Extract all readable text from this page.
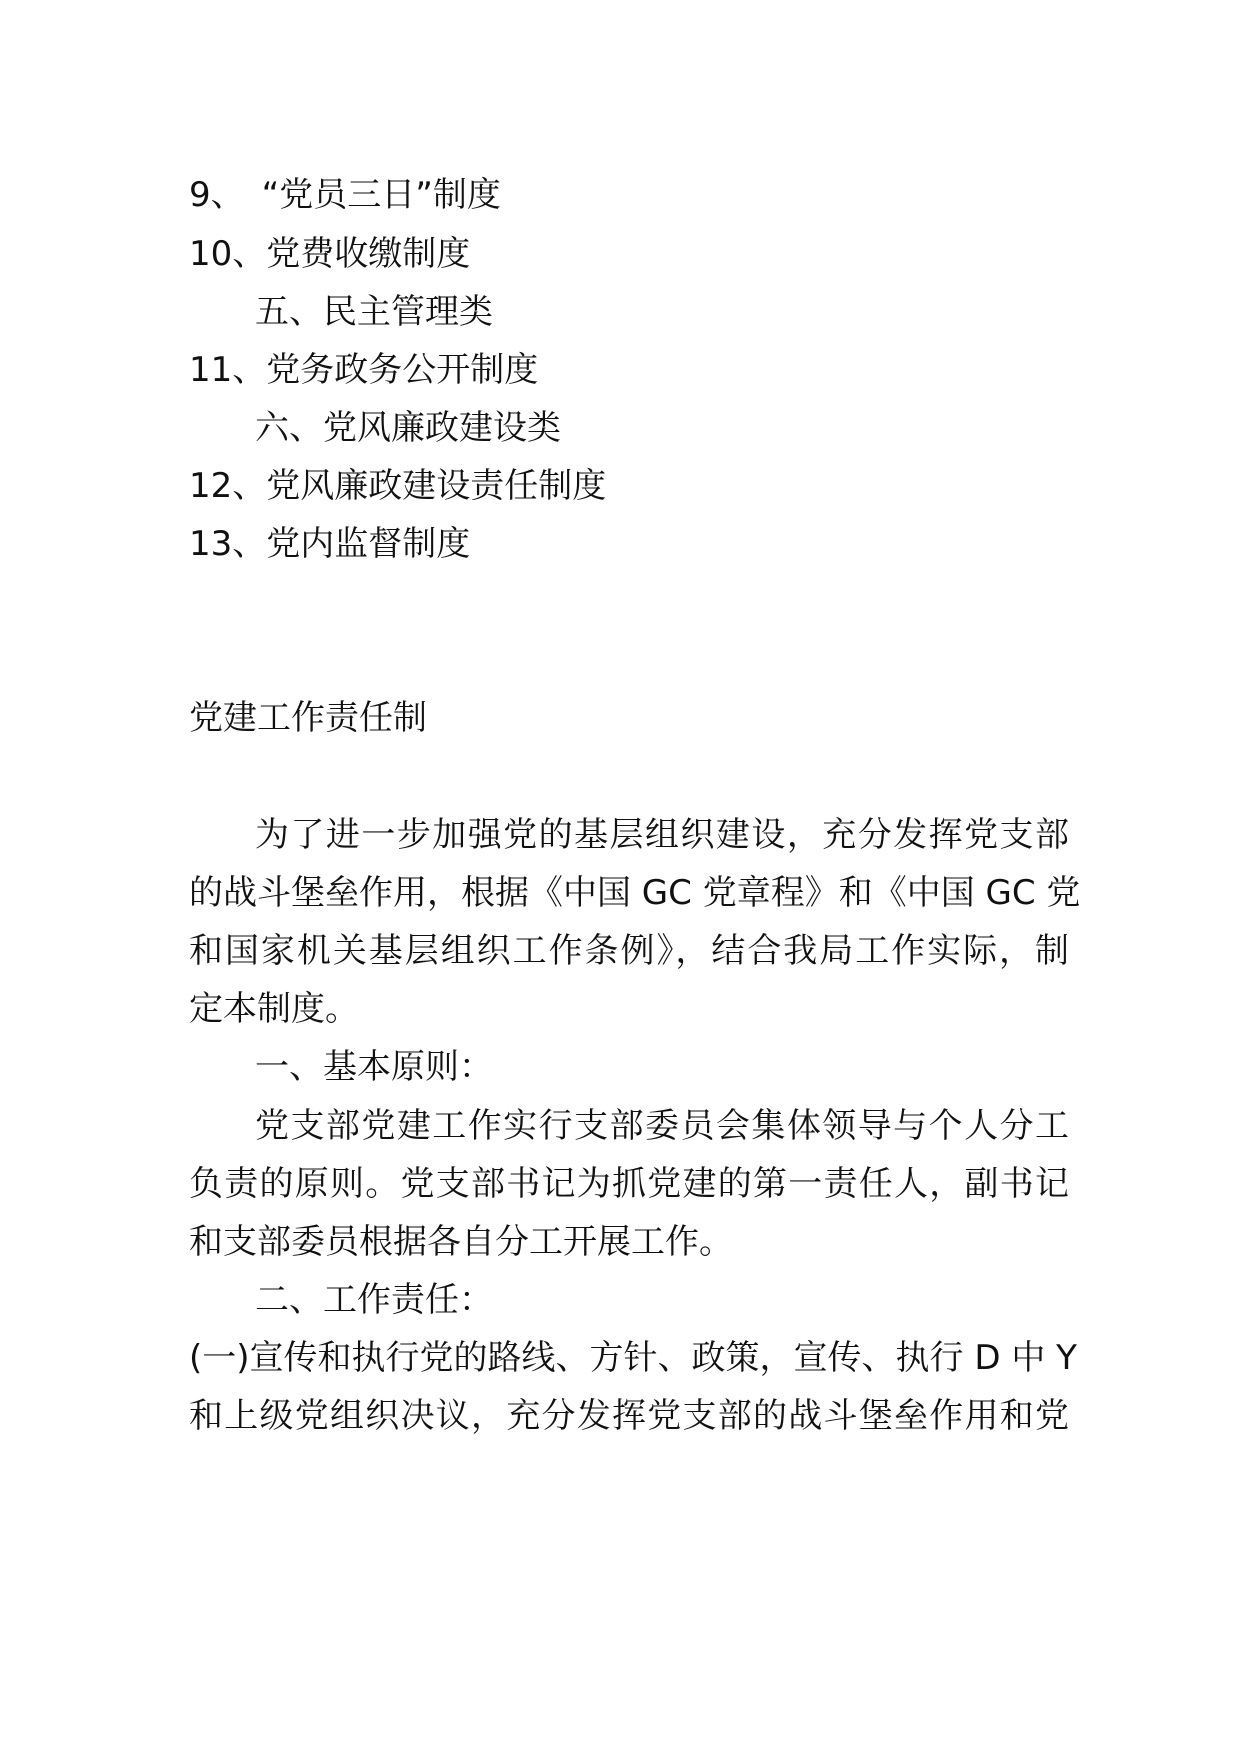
9、　“党员三日”制度
10、党费收缴制度
五、民主管理类
11、党务政务公开制度
六、党风廉政建设类
12、党风廉政建设责任制度
13、党内监督制度
党建工作责任制
为了进一步加强党的基层组织建设，充分发挥党支部
的战斗堡垒作用，根据《中国 GC 党章程》和《中国 GC 党
和国家机关基层组织工作条例》，结合我局工作实际，制
定本制度。
一、基本原则：
党支部党建工作实行支部委员会集体领导与个人分工
负责的原则。党支部书记为抓党建的第一责任人，副书记
和支部委员根据各自分工开展工作。
二、工作责任：
(一)宣传和执行党的路线、方针、政策，宣传、执行 D 中 Y
和上级党组织决议，充分发挥党支部的战斗堡垒作用和党
